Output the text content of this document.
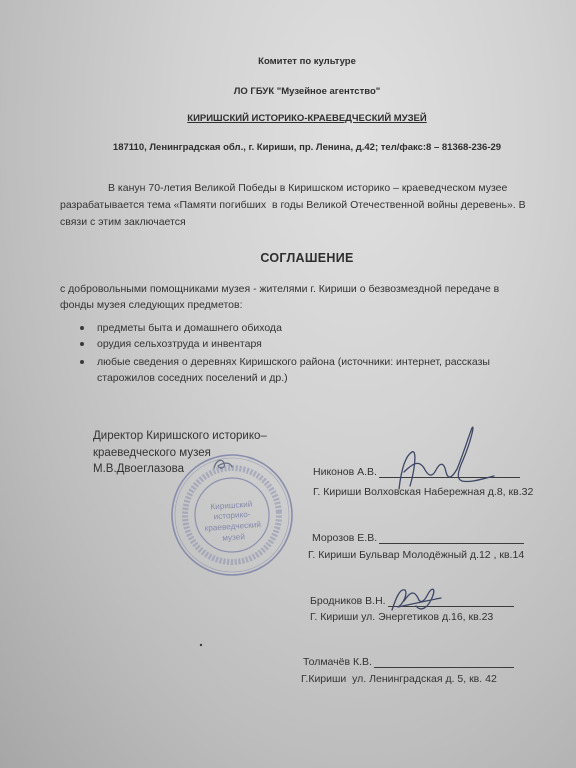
Комитет по культуре
ЛО ГБУК "Музейное агентство"
КИРИШСКИЙ ИСТОРИКО-КРАЕВЕДЧЕСКИЙ МУЗЕЙ
187110, Ленинградская обл., г. Кириши, пр. Ленина, д.42; тел/факс:8 – 81368-236-29
В канун 70-летия Великой Победы в Киришском историко – краеведческом музее
разрабатывается тема «Памяти погибших  в годы Великой Отечественной войны деревень». В
связи с этим заключается
СОГЛАШЕНИЕ
с добровольными помощниками музея - жителями г. Кириши о безвозмездной передаче в
фонды музея следующих предметов:
предметы быта и домашнего обихода
орудия сельхозтруда и инвентаря
любые сведения о деревнях Киришского района (источники: интернет, рассказы
старожилов соседних поселений и др.)
Директор Киришского историко–
краеведческого музея
М.В.Двоеглазова
Киришский
историко-
краеведческий
музей
Никонов А.В.
Г. Кириши Волховская Набережная д.8, кв.32
Морозов Е.В.
Г. Кириши Бульвар Молодёжный д.12 , кв.14
Бродников В.Н.
Г. Кириши ул. Энергетиков д.16, кв.23
Толмачёв К.В.
Г.Кириши  ул. Ленинградская д. 5, кв. 42
